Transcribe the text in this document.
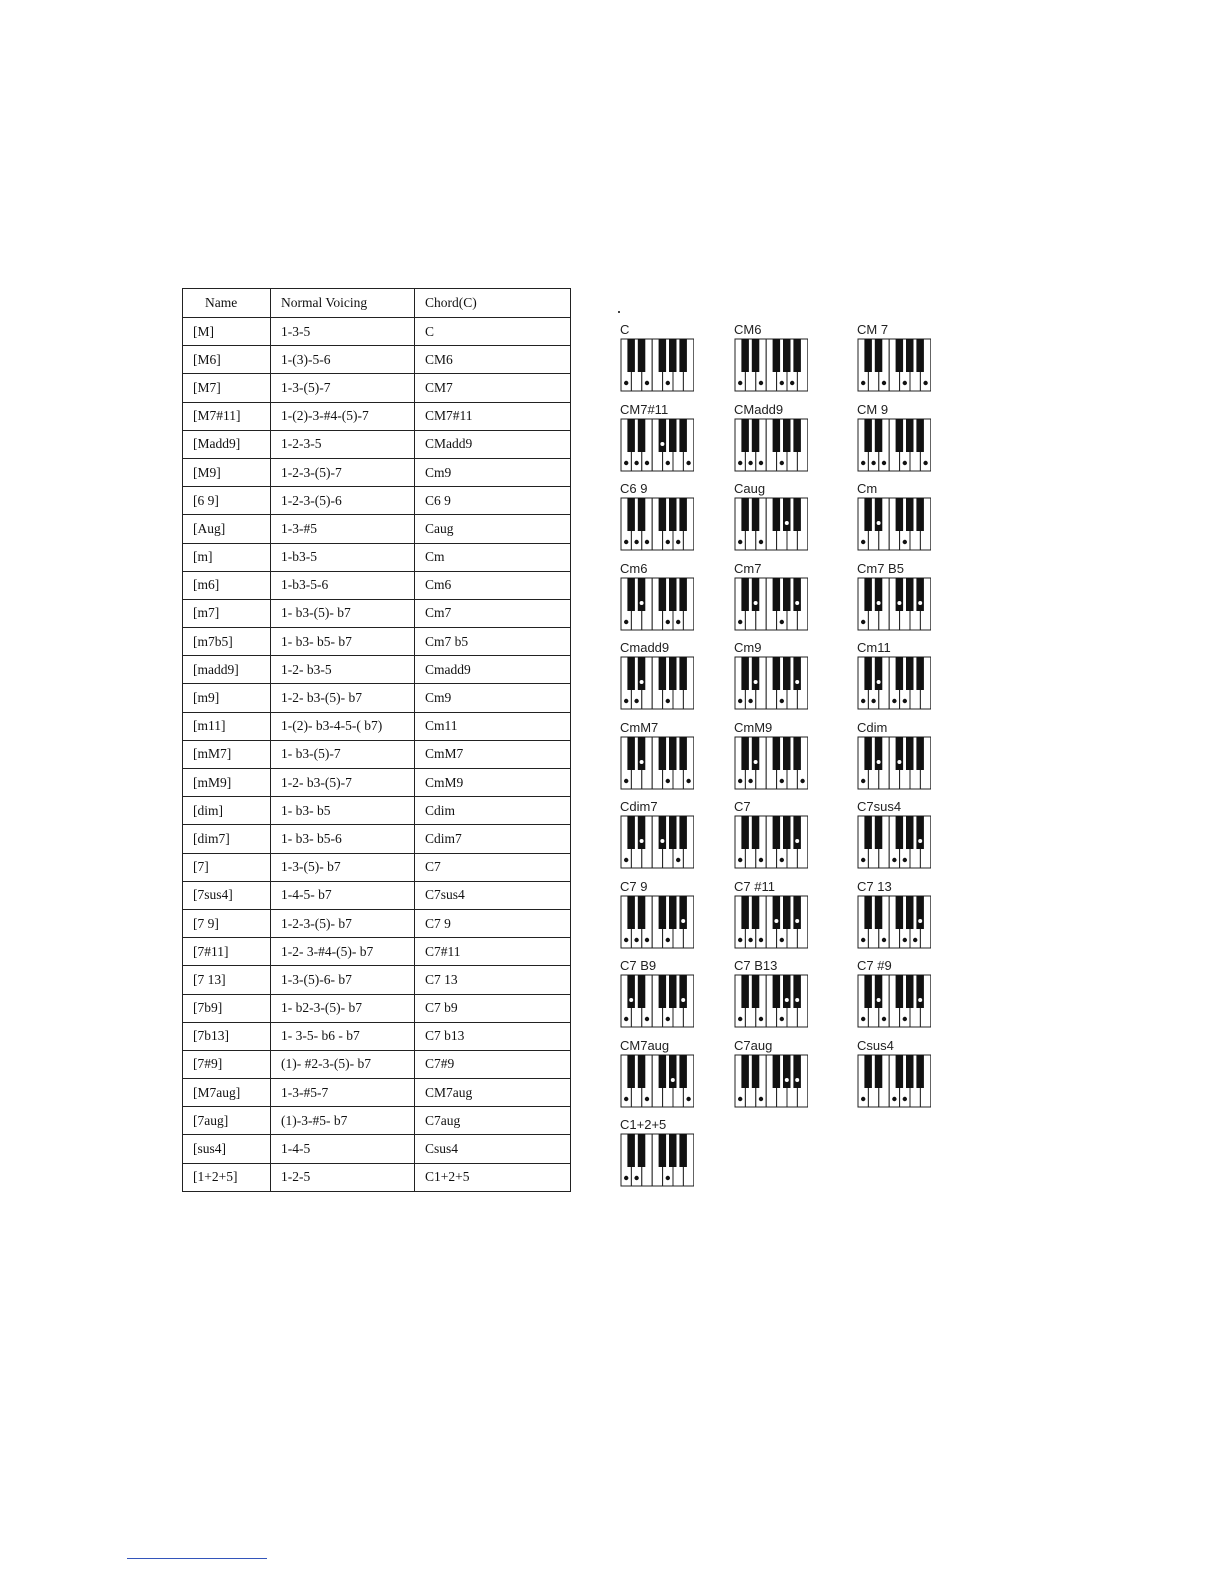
Name	Normal Voicing	Chord(C)
[M]	1-3-5	C
[M6]	1-(3)-5-6	CM6
[M7]	1-3-(5)-7	CM7
[M7#11]	1-(2)-3-#4-(5)-7	CM7#11
[Madd9]	1-2-3-5	CMadd9
[M9]	1-2-3-(5)-7	Cm9
[6 9]	1-2-3-(5)-6	C6 9
[Aug]	1-3-#5	Caug
[m]	1-b3-5	Cm
[m6]	1-b3-5-6	Cm6
[m7]	1- b3-(5)- b7	Cm7
[m7b5]	1- b3- b5- b7	Cm7 b5
[madd9]	1-2- b3-5	Cmadd9
[m9]	1-2- b3-(5)- b7	Cm9
[m11]	1-(2)- b3-4-5-( b7)	Cm11
[mM7]	1- b3-(5)-7	CmM7
[mM9]	1-2- b3-(5)-7	CmM9
[dim]	1- b3- b5	Cdim
[dim7]	1- b3- b5-6	Cdim7
[7]	1-3-(5)- b7	C7
[7sus4]	1-4-5- b7	C7sus4
[7 9]	1-2-3-(5)- b7	C7 9
[7#11]	1-2- 3-#4-(5)- b7	C7#11
[7 13]	1-3-(5)-6- b7	C7 13
[7b9]	1- b2-3-(5)- b7	C7 b9
[7b13]	1- 3-5- b6 - b7	C7 b13
[7#9]	(1)- #2-3-(5)- b7	C7#9
[M7aug]	1-3-#5-7	CM7aug
[7aug]	(1)-3-#5- b7	C7aug
[sus4]	1-4-5	Csus4
[1+2+5]	1-2-5	C1+2+5
C	CM6	CM 7
CM7#11	CMadd9	CM 9
C6 9	Caug	Cm
Cm6	Cm7	Cm7 B5
Cmadd9	Cm9	Cm11
CmM7	CmM9	Cdim
Cdim7	C7	C7sus4
C7 9	C7 #11	C7 13
C7 B9	C7 B13	C7 #9
CM7aug	C7aug	Csus4
C1+2+5
